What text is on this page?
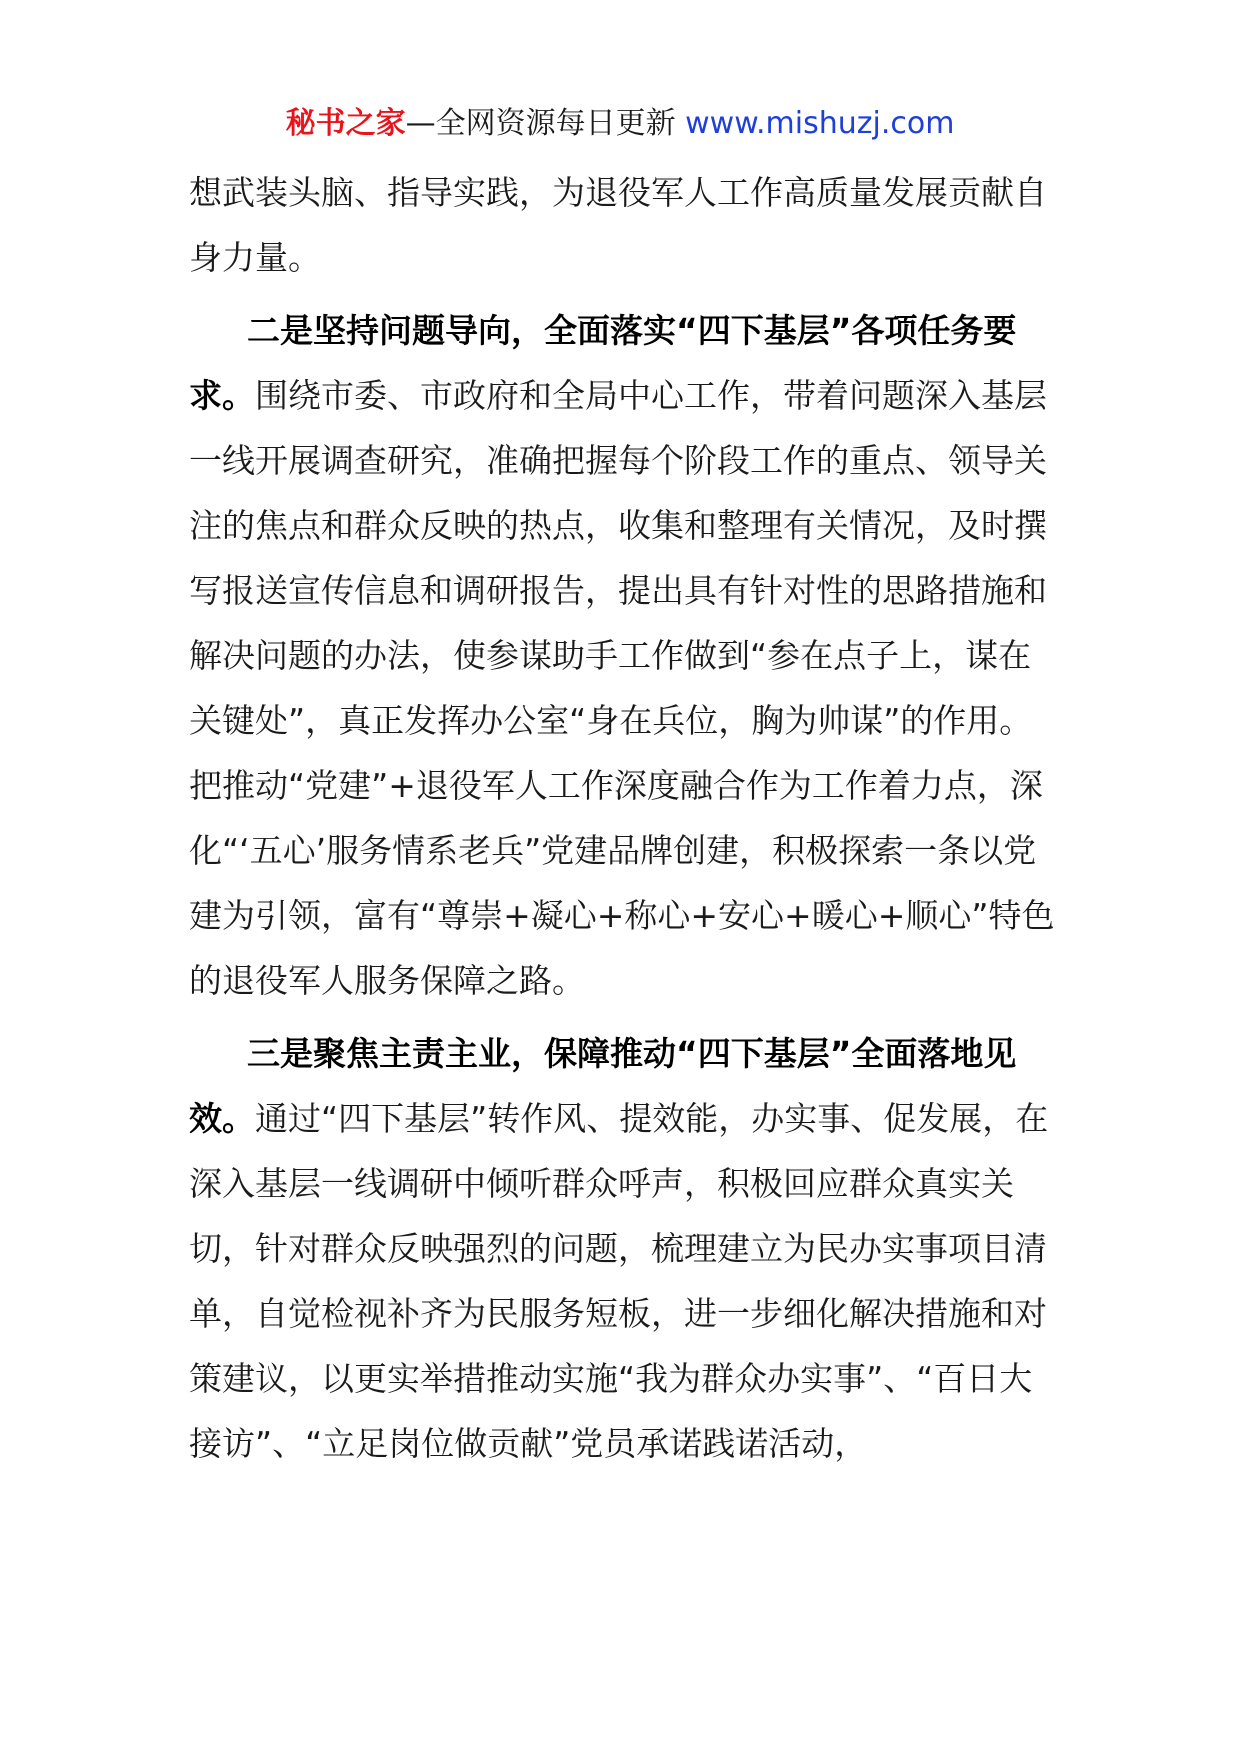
秘书之家—全网资源每日更新 www.mishuzj.com

想武装头脑、指导实践，为退役军人工作高质量发展贡献自身力量。

二是坚持问题导向，全面落实“四下基层”各项任务要求。围绕市委、市政府和全局中心工作，带着问题深入基层一线开展调查研究，准确把握每个阶段工作的重点、领导关注的焦点和群众反映的热点，收集和整理有关情况，及时撰写报送宣传信息和调研报告，提出具有针对性的思路措施和解决问题的办法，使参谋助手工作做到“参在点子上，谋在关键处”，真正发挥办公室“身在兵位，胸为帅谋”的作用。把推动“党建”+退役军人工作深度融合作为工作着力点，深化“‘五心’服务情系老兵”党建品牌创建，积极探索一条以党建为引领，富有“尊崇+凝心+称心+安心+暖心+顺心”特色的退役军人服务保障之路。

三是聚焦主责主业，保障推动“四下基层”全面落地见效。通过“四下基层”转作风、提效能，办实事、促发展，在深入基层一线调研中倾听群众呼声，积极回应群众真实关切，针对群众反映强烈的问题，梳理建立为民办实事项目清单，自觉检视补齐为民服务短板，进一步细化解决措施和对策建议，以更实举措推动实施“我为群众办实事”、“百日大接访”、“立足岗位做贡献”党员承诺践诺活动，
